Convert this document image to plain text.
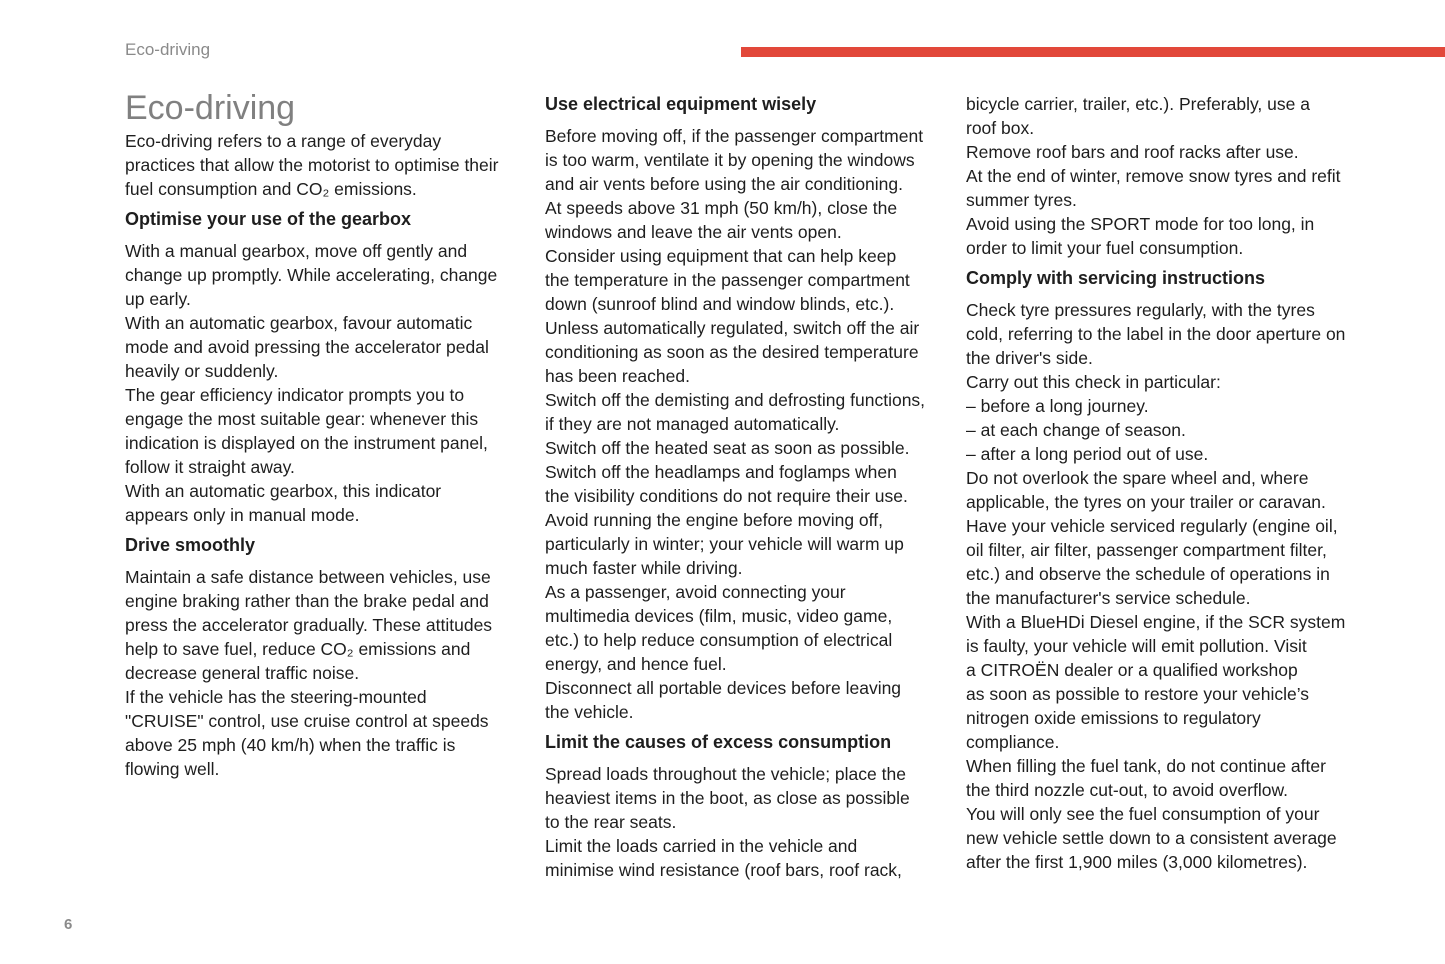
Eco-driving
Eco-driving
Eco-driving refers to a range of everyday
practices that allow the motorist to optimise their
fuel consumption and CO₂ emissions.
Optimise your use of the gearbox
With a manual gearbox, move off gently and
change up promptly. While accelerating, change
up early.
With an automatic gearbox, favour automatic
mode and avoid pressing the accelerator pedal
heavily or suddenly.
The gear efficiency indicator prompts you to
engage the most suitable gear: whenever this
indication is displayed on the instrument panel,
follow it straight away.
With an automatic gearbox, this indicator
appears only in manual mode.
Drive smoothly
Maintain a safe distance between vehicles, use
engine braking rather than the brake pedal and
press the accelerator gradually. These attitudes
help to save fuel, reduce CO₂ emissions and
decrease general traffic noise.
If the vehicle has the steering-mounted
"CRUISE" control, use cruise control at speeds
above 25 mph (40 km/h) when the traffic is
flowing well.
Use electrical equipment wisely
Before moving off, if the passenger compartment
is too warm, ventilate it by opening the windows
and air vents before using the air conditioning.
At speeds above 31 mph (50 km/h), close the
windows and leave the air vents open.
Consider using equipment that can help keep
the temperature in the passenger compartment
down (sunroof blind and window blinds, etc.).
Unless automatically regulated, switch off the air
conditioning as soon as the desired temperature
has been reached.
Switch off the demisting and defrosting functions,
if they are not managed automatically.
Switch off the heated seat as soon as possible.
Switch off the headlamps and foglamps when
the visibility conditions do not require their use.
Avoid running the engine before moving off,
particularly in winter; your vehicle will warm up
much faster while driving.
As a passenger, avoid connecting your
multimedia devices (film, music, video game,
etc.) to help reduce consumption of electrical
energy, and hence fuel.
Disconnect all portable devices before leaving
the vehicle.
Limit the causes of excess consumption
Spread loads throughout the vehicle; place the
heaviest items in the boot, as close as possible
to the rear seats.
Limit the loads carried in the vehicle and
minimise wind resistance (roof bars, roof rack,
bicycle carrier, trailer, etc.). Preferably, use a
roof box.
Remove roof bars and roof racks after use.
At the end of winter, remove snow tyres and refit
summer tyres.
Avoid using the SPORT mode for too long, in
order to limit your fuel consumption.
Comply with servicing instructions
Check tyre pressures regularly, with the tyres
cold, referring to the label in the door aperture on
the driver's side.
Carry out this check in particular:
– before a long journey.
– at each change of season.
– after a long period out of use.
Do not overlook the spare wheel and, where
applicable, the tyres on your trailer or caravan.
Have your vehicle serviced regularly (engine oil,
oil filter, air filter, passenger compartment filter,
etc.) and observe the schedule of operations in
the manufacturer's service schedule.
With a BlueHDi Diesel engine, if the SCR system
is faulty, your vehicle will emit pollution. Visit
a CITROËN dealer or a qualified workshop
as soon as possible to restore your vehicle’s
nitrogen oxide emissions to regulatory
compliance.
When filling the fuel tank, do not continue after
the third nozzle cut-out, to avoid overflow.
You will only see the fuel consumption of your
new vehicle settle down to a consistent average
after the first 1,900 miles (3,000 kilometres).
6
